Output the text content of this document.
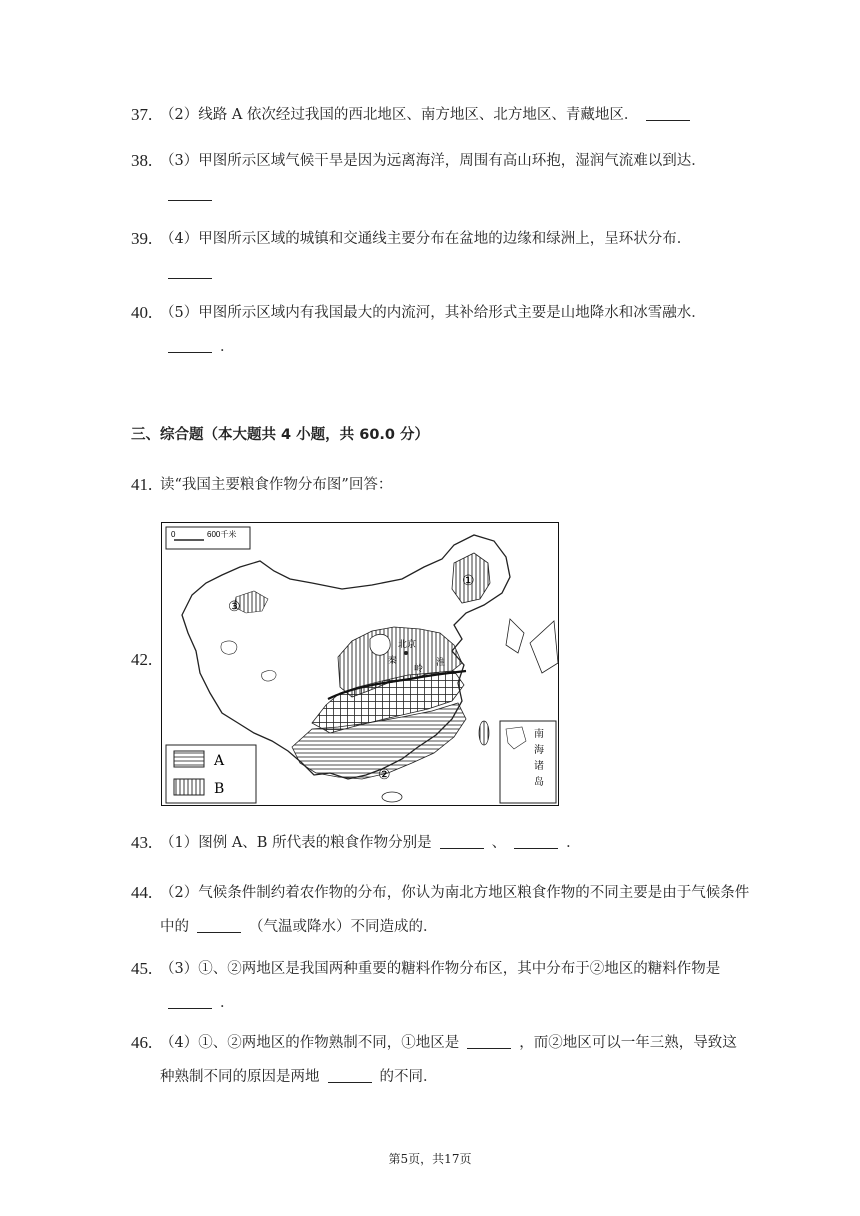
37. （2）线路 A 依次经过我国的西北地区、南方地区、北方地区、青藏地区．
38. （3）甲图所示区域气候干旱是因为远离海洋，周围有高山环抱，湿润气流难以到达．
39. （4）甲图所示区域的城镇和交通线主要分布在盆地的边缘和绿洲上，呈环状分布．
40. （5）甲图所示区域内有我国最大的内流河，其补给形式主要是山地降水和冰雪融水．．
三、综合题（本大题共 4 小题，共 60.0 分）
41. 读“我国主要粮食作物分布图”回答：
42.
0	600千米
南
海
诸
岛
北京
秦
岭
淮
①
②
③
A
B
43. （1）图例 A、B 所代表的粮食作物分别是	、	．
44. （2）气候条件制约着农作物的分布，你认为南北方地区粮食作物的不同主要是由于气候条件中的	（气温或降水）不同造成的．
45. （3）①、②两地区是我国两种重要的糖料作物分布区，其中分布于②地区的糖料作物是．
46. （4）①、②两地区的作物熟制不同，①地区是	，而②地区可以一年三熟，导致这种熟制不同的原因是两地	的不同．
第5页，共17页
